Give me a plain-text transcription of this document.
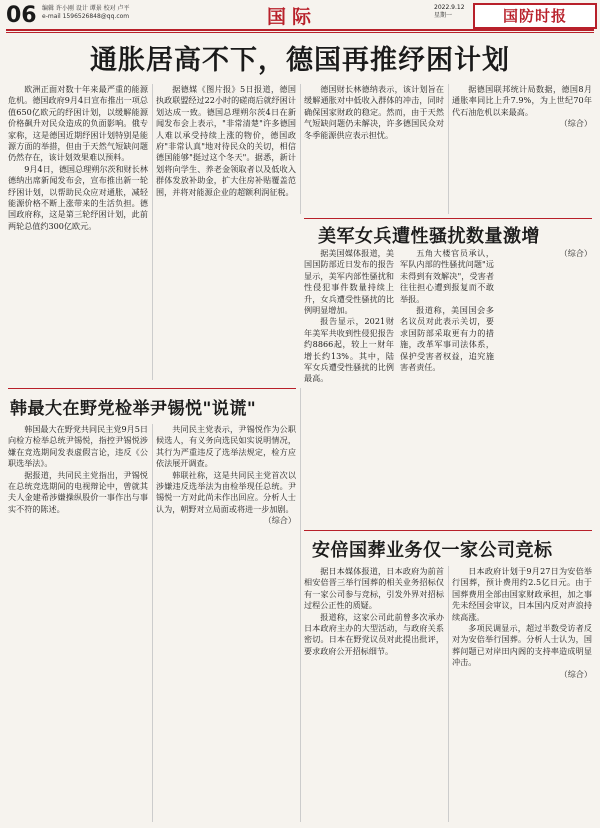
06 编辑 许小刚 设计 谭景 校对 卢平
e-mail 1596526848@qq.com	国际	2022.9.12
星期一	国防时报
通胀居高不下，德国再推纾困计划

欧洲正面对数十年来最严重的能源危机。德国政府9月4日宣布推出一项总值650亿欧元的纾困计划，以缓解能源价格飙升对民众造成的负面影响。俄专家称，这是德国近期纾困计划特别是能源方面的举措，但由于天然气短缺问题仍然存在，该计划效果难以预料。

9月4日，德国总理朔尔茨和财长林德纳出席新闻发布会，宣布推出新一轮纾困计划，以帮助民众应对通胀，减轻能源价格不断上涨带来的生活负担。德国政府称，这是第三轮纾困计划，此前两轮总值约300亿欧元。

据德媒《图片报》5日报道，德国执政联盟经过22小时的磋商后就纾困计划达成一致。德国总理朔尔茨4日在新闻发布会上表示，"非常清楚"许多德国人难以承受持续上涨的物价，德国政府"非常认真"地对待民众的关切，相信德国能够"挺过这个冬天"。据悉，新计划将向学生、养老金领取者以及低收入群体发放补助金，扩大住房补贴覆盖范围，并将对能源企业的超额利润征税。

德国财长林德纳表示，该计划旨在缓解通胀对中低收入群体的冲击，同时确保国家财政的稳定。然而，由于天然气短缺问题仍未解决，许多德国民众对冬季能源供应表示担忧。

据德国联邦统计局数据，德国8月通胀率同比上升7.9%，为上世纪70年代石油危机以来最高。

（综合）

美军女兵遭性骚扰数量激增

据美国媒体报道，美国国防部近日发布的报告显示，美军内部性骚扰和性侵犯事件数量持续上升，女兵遭受性骚扰的比例明显增加。

报告显示，2021财年美军共收到性侵犯报告约8866起，较上一财年增长约13%。其中，陆军女兵遭受性骚扰的比例最高。

五角大楼官员承认，军队内部的性骚扰问题"远未得到有效解决"，受害者往往担心遭到报复而不敢举报。

报道称，美国国会多名议员对此表示关切，要求国防部采取更有力的措施，改革军事司法体系，保护受害者权益，追究施害者责任。

（综合）

韩最大在野党检举尹锡悦"说谎"

韩国最大在野党共同民主党9月5日向检方检举总统尹锡悦，指控尹锡悦涉嫌在竞选期间发表虚假言论，违反《公职选举法》。

据报道，共同民主党指出，尹锡悦在总统竞选期间的电视辩论中，曾就其夫人金建希涉嫌操纵股价一事作出与事实不符的陈述。

共同民主党表示，尹锡悦作为公职候选人，有义务向选民如实说明情况，其行为严重违反了选举法规定，检方应依法展开调查。

韩联社称，这是共同民主党首次以涉嫌违反选举法为由检举现任总统。尹锡悦一方对此尚未作出回应。分析人士认为，朝野对立局面或将进一步加剧。

（综合）

安倍国葬业务仅一家公司竞标

据日本媒体报道，日本政府为前首相安倍晋三举行国葬的相关业务招标仅有一家公司参与竞标，引发外界对招标过程公正性的质疑。

报道称，这家公司此前曾多次承办日本政府主办的大型活动，与政府关系密切。日本在野党议员对此提出批评，要求政府公开招标细节。

日本政府计划于9月27日为安倍举行国葬，预计费用约2.5亿日元。由于国葬费用全部由国家财政承担，加之事先未经国会审议，日本国内反对声浪持续高涨。

多项民调显示，超过半数受访者反对为安倍举行国葬。分析人士认为，国葬问题已对岸田内阁的支持率造成明显冲击。

（综合）
